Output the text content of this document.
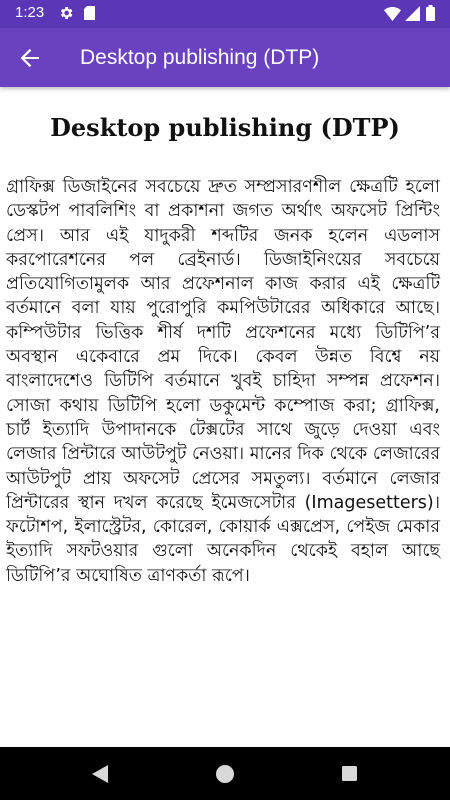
1:23
Desktop publishing (DTP)
Desktop publishing (DTP)

গ্রাফিক্স ডিজাইনের সবচেয়ে দ্রুত সম্প্রসারণশীল ক্ষেত্রটি হলো ডেস্কটপ পাবলিশিং বা প্রকাশনা জগত অর্থাৎ অফসেট প্রিন্টিং প্রেস। আর এই যাদুকরী শব্দটির জনক হলেন এডলাস করপোরেশনের পল ব্রেইনার্ড। ডিজাইনিংয়ের সবচেয়ে প্রতিযোগিতামুলক আর প্রফেশনাল কাজ করার এই ক্ষেত্রটি বর্তমানে বলা যায় পুরোপুরি কমপিউটারের অধিকারে আছে। কম্পিউটার ভিত্তিক শীর্ষ দশটি প্রফেশনের মধ্যে ডিটিপি’র অবস্থান একেবারে প্রম দিকে। কেবল উন্নত বিশ্বে নয় বাংলাদেশেও ডিটিপি বর্তমানে খুবই চাহিদা সম্পন্ন প্রফেশন। সোজা কথায় ডিটিপি হলো ডকুমেন্ট কম্পোজ করা; গ্রাফিক্স, চার্ট ইত্যাদি উপাদানকে টেক্সটের সাথে জুড়ে দেওয়া এবং লেজার প্রিন্টারে আউটপুট নেওয়া। মানের দিক থেকে লেজারের আউটপুট প্রায় অফসেট প্রেসের সমতুল্য। বর্তমানে লেজার প্রিন্টারের স্থান দখল করেছে ইমেজসেটার (Imagesetters)। ফটোশপ, ইলাস্ট্রেটর, কোরেল, কোয়ার্ক এক্সপ্রেস, পেইজ মেকার ইত্যাদি সফটওয়ার গুলো অনেকদিন থেকেই বহাল আছে ডিটিপি’র অঘোষিত ত্রাণকর্তা রূপে।
